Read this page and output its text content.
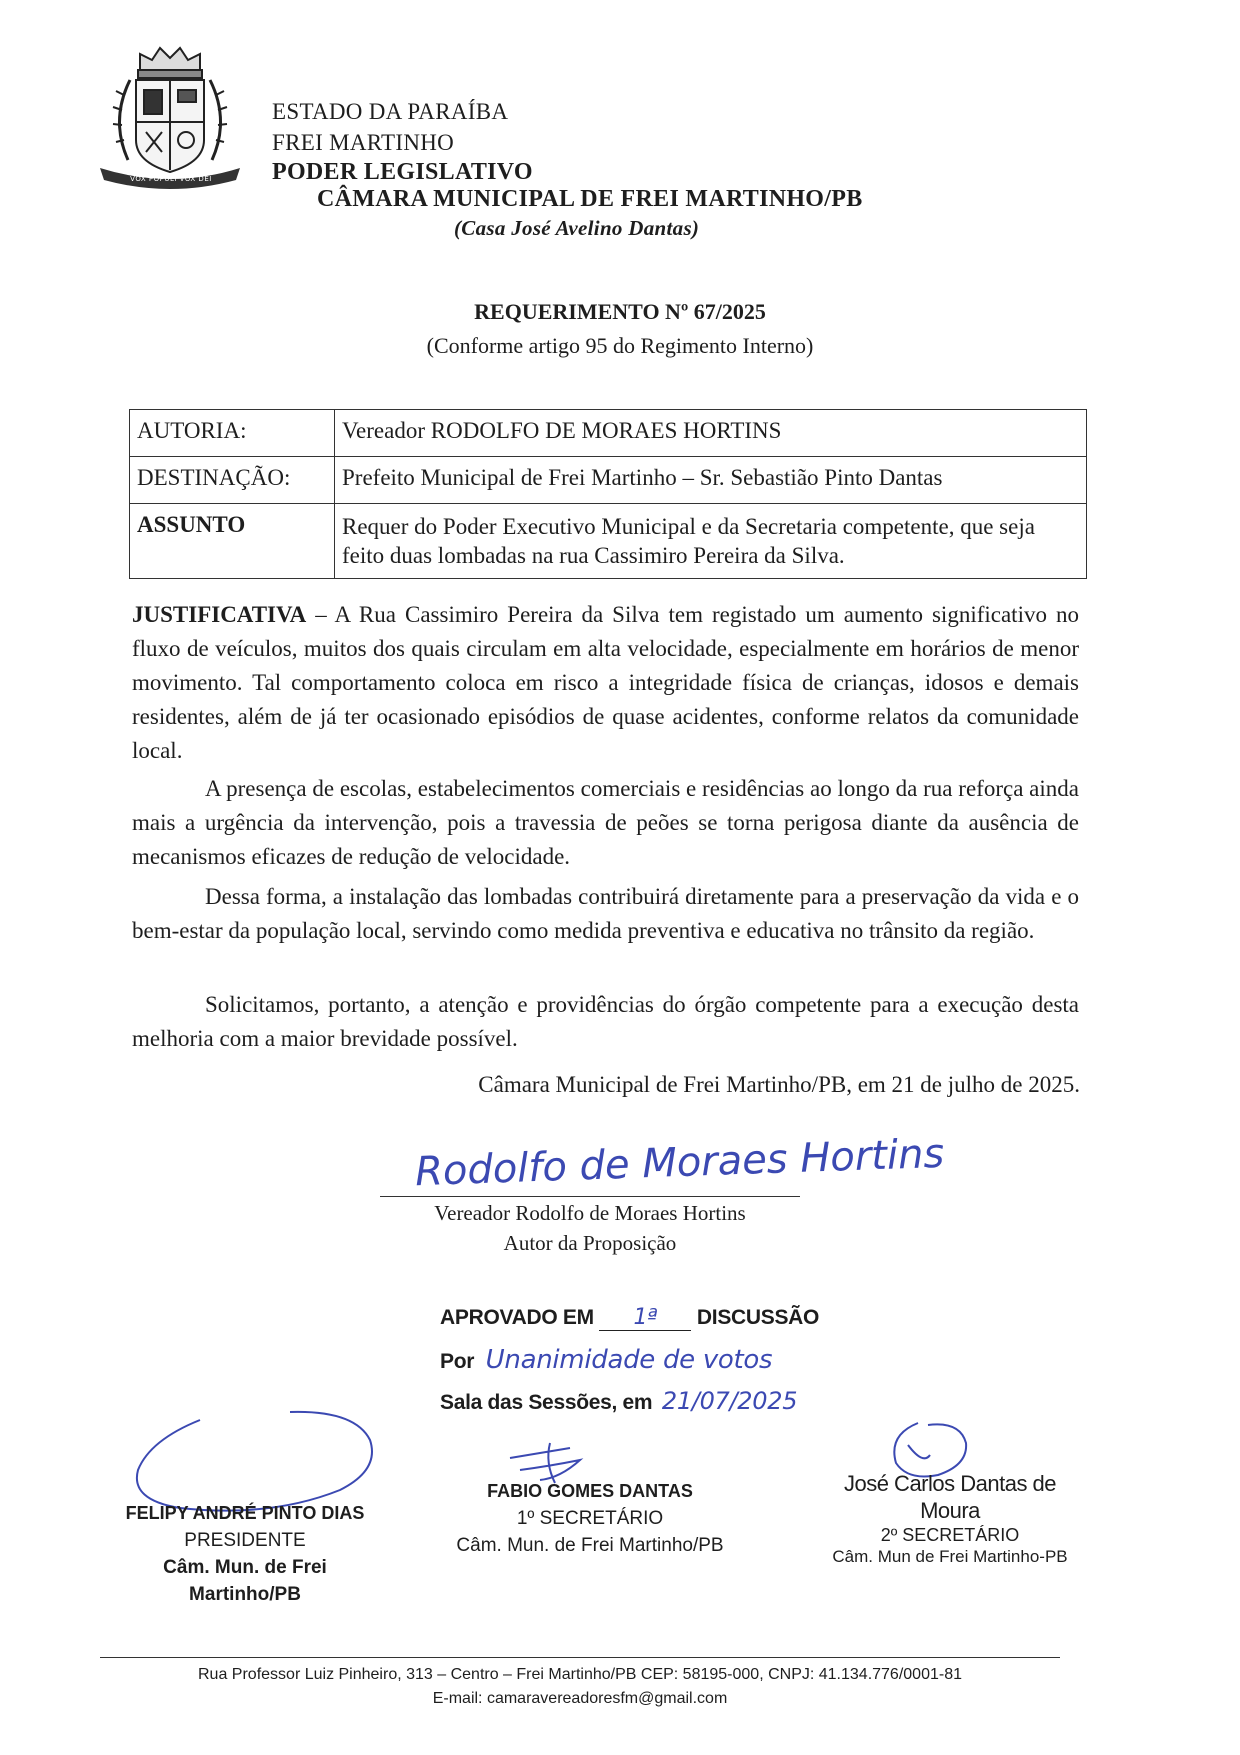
VOX POPULI VOX DEI
ESTADO DA PARAÍBA
FREI MARTINHO
PODER LEGISLATIVO
CÂMARA MUNICIPAL DE FREI MARTINHO/PB
(Casa José Avelino Dantas)
REQUERIMENTO Nº 67/2025
(Conforme artigo 95 do Regimento Interno)
AUTORIA:	Vereador RODOLFO DE MORAES HORTINS
DESTINAÇÃO:	Prefeito Municipal de Frei Martinho – Sr. Sebastião Pinto Dantas
ASSUNTO	Requer do Poder Executivo Municipal e da Secretaria competente, que seja feito duas lombadas na rua Cassimiro Pereira da Silva.
JUSTIFICATIVA – A Rua Cassimiro Pereira da Silva tem registado um aumento significativo no fluxo de veículos, muitos dos quais circulam em alta velocidade, especialmente em horários de menor movimento. Tal comportamento coloca em risco a integridade física de crianças, idosos e demais residentes, além de já ter ocasionado episódios de quase acidentes, conforme relatos da comunidade local.
A presença de escolas, estabelecimentos comerciais e residências ao longo da rua reforça ainda mais a urgência da intervenção, pois a travessia de peões se torna perigosa diante da ausência de mecanismos eficazes de redução de velocidade.
Dessa forma, a instalação das lombadas contribuirá diretamente para a preservação da vida e o bem-estar da população local, servindo como medida preventiva e educativa no trânsito da região.
Solicitamos, portanto, a atenção e providências do órgão competente para a execução desta melhoria com a maior brevidade possível.
Câmara Municipal de Frei Martinho/PB, em 21 de julho de 2025.
Rodolfo de Moraes Hortins
Vereador Rodolfo de Moraes Hortins
Autor da Proposição
APROVADO EM 1ª DISCUSSÃO
Por Unanimidade de votos
Sala das Sessões, em 21/07/2025
FELIPY ANDRÉ PINTO DIAS
PRESIDENTE
Câm. Mun. de Frei Martinho/PB
FABIO GOMES DANTAS
1º SECRETÁRIO
Câm. Mun. de Frei Martinho/PB
José Carlos Dantas de Moura
2º SECRETÁRIO
Câm. Mun de Frei Martinho-PB
Rua Professor Luiz Pinheiro, 313 – Centro – Frei Martinho/PB CEP: 58195-000, CNPJ: 41.134.776/0001-81
E-mail: camaravereadoresfm@gmail.com
